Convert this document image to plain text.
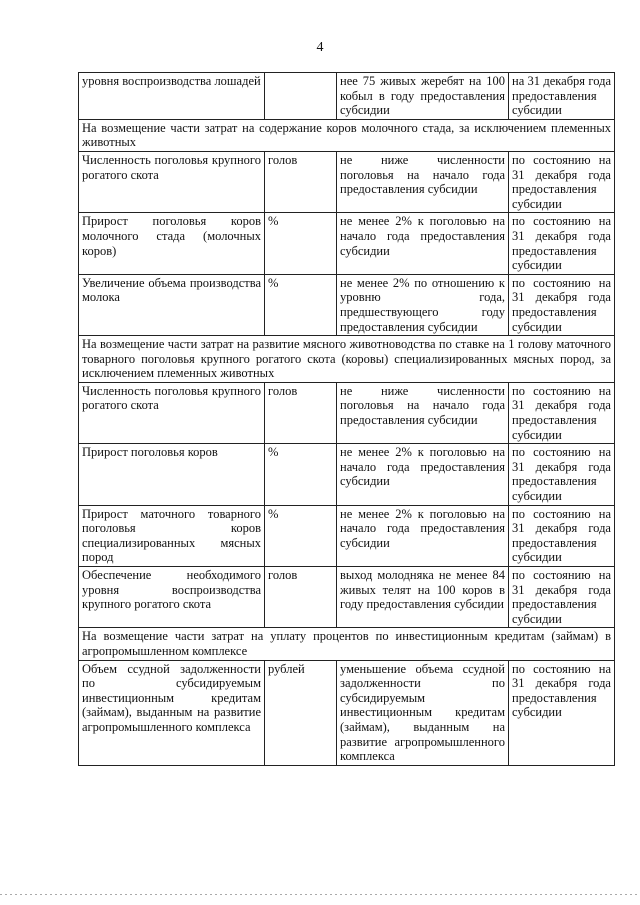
4
уровня воспроизводства лошадей		нее 75 живых жеребят на 100 кобыл в году предоставления субсидии	на 31 декабря года предоставления субсидии
На возмещение части затрат на содержание коров молочного стада, за исключением племенных животных			
Численность поголовья крупного рогатого скота	голов	не ниже численности поголовья на начало года предоставления субсидии	по состоянию на 31 декабря года предоставления субсидии
Прирост поголовья коров молочного стада (молочных коров)	%	не менее 2% к поголовью на начало года предоставления субсидии	по состоянию на 31 декабря года предоставления субсидии
Увеличение объема производства молока	%	не менее 2% по отношению к уровню года, предшествующего году предоставления субсидии	по состоянию на 31 декабря года предоставления субсидии
На возмещение части затрат на развитие мясного животноводства по ставке на 1 голову маточного товарного поголовья крупного рогатого скота (коровы) специализированных мясных пород, за исключением племенных животных			
Численность поголовья крупного рогатого скота	голов	не ниже численности поголовья на начало года предоставления субсидии	по состоянию на 31 декабря года предоставления субсидии
Прирост поголовья коров	%	не менее 2% к поголовью на начало года предоставления субсидии	по состоянию на 31 декабря года предоставления субсидии
Прирост маточного товарного поголовья коров специализированных мясных пород	%	не менее 2% к поголовью на начало года предоставления субсидии	по состоянию на 31 декабря года предоставления субсидии
Обеспечение необходимого уровня воспроизводства крупного рогатого скота	голов	выход молодняка не менее 84 живых телят на 100 коров в году предоставления субсидии	по состоянию на 31 декабря года предоставления субсидии
На возмещение части затрат на уплату процентов по инвестиционным кредитам (займам) в агропромышленном комплексе			
Объем ссудной задолженности по субсидируемым инвестиционным кредитам (займам), выданным на развитие агропромышленного комплекса	рублей	уменьшение объема ссудной задолженности по субсидируемым инвестиционным кредитам (займам), выданным на развитие агропромышленного комплекса	по состоянию на 31 декабря года предоставления субсидии
